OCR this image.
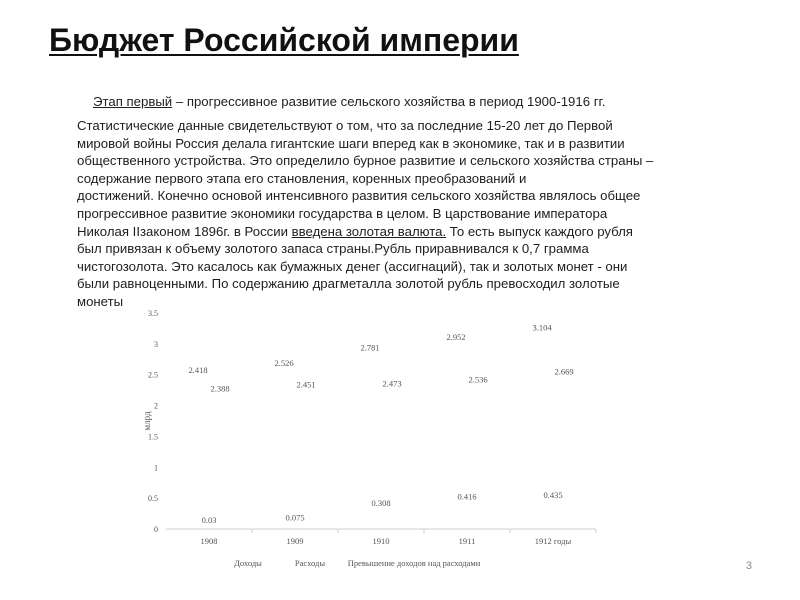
Бюджет Российской империи
Этап первый – прогрессивное развитие сельского хозяйства в период 1900-1916 гг.
Статистические данные свидетельствуют о том, что за последние 15-20 лет до Первой
мировой войны Россия делала гигантские шаги вперед как в экономике, так и в развитии
общественного устройства. Это определило бурное развитие и сельского хозяйства страны –
содержание первого этапа его становления, коренных преобразований и
достижений. Конечно основой интенсивного развития сельского хозяйства являлось общее
прогрессивное развитие экономики государства в целом. В царствование императора
Николая IIзаконом 1896г. в России введена золотая валюта. То есть выпуск каждого рубля
был привязан к объему золотого запаса страны.Рубль приравнивался к 0,7 грамма
чистогозолота. Это касалось как бумажных денег (ассигнаций), так и золотых монет - они
были равноценными. По содержанию драгметалла золотой рубль превосходил золотые
монеты
0
0.5
1
1.5
2
2.5
3
3.5
млрд
1908
2.418
2.388
0.03
1909
2.526
2.451
0.075
1910
2.781
2.473
0.308
1911
2.952
2.536
0.416
1912 годы
3.104
2.669
0.435
Доходы	Расходы	Превышение доходов над расходами	3
